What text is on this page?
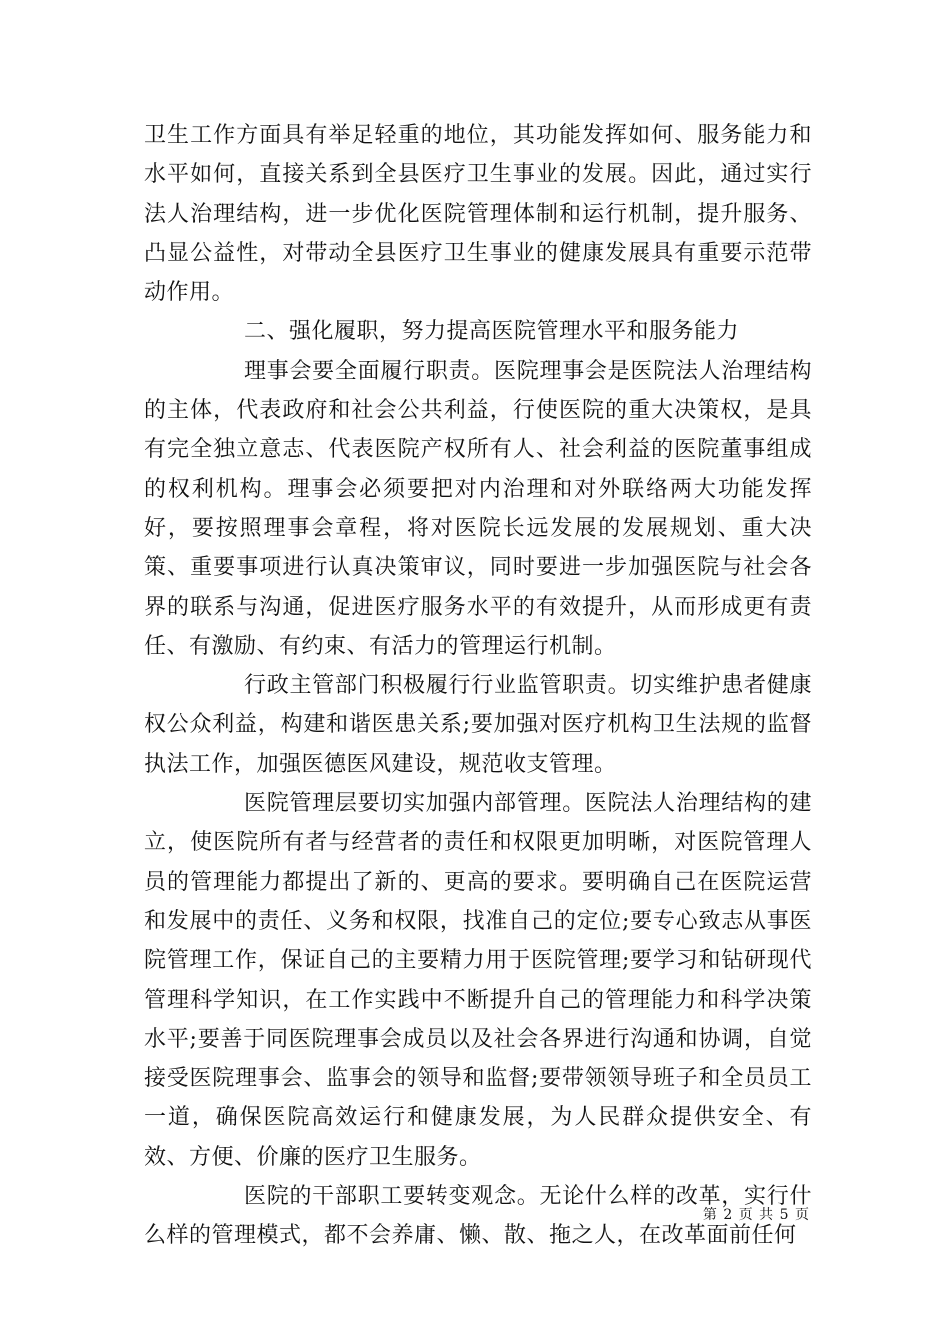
卫生工作方面具有举足轻重的地位，其功能发挥如何、服务能力和水平如何，直接关系到全县医疗卫生事业的发展。因此，通过实行法人治理结构，进一步优化医院管理体制和运行机制，提升服务、凸显公益性，对带动全县医疗卫生事业的健康发展具有重要示范带动作用。

二、强化履职，努力提高医院管理水平和服务能力

理事会要全面履行职责。医院理事会是医院法人治理结构的主体，代表政府和社会公共利益，行使医院的重大决策权，是具有完全独立意志、代表医院产权所有人、社会利益的医院董事组成的权利机构。理事会必须要把对内治理和对外联络两大功能发挥好，要按照理事会章程，将对医院长远发展的发展规划、重大决策、重要事项进行认真决策审议，同时要进一步加强医院与社会各界的联系与沟通，促进医疗服务水平的有效提升，从而形成更有责任、有激励、有约束、有活力的管理运行机制。

行政主管部门积极履行行业监管职责。切实维护患者健康权公众利益，构建和谐医患关系;要加强对医疗机构卫生法规的监督执法工作，加强医德医风建设，规范收支管理。

医院管理层要切实加强内部管理。医院法人治理结构的建立，使医院所有者与经营者的责任和权限更加明晰，对医院管理人员的管理能力都提出了新的、更高的要求。要明确自己在医院运营和发展中的责任、义务和权限，找准自己的定位;要专心致志从事医院管理工作，保证自己的主要精力用于医院管理;要学习和钻研现代管理科学知识，在工作实践中不断提升自己的管理能力和科学决策水平;要善于同医院理事会成员以及社会各界进行沟通和协调，自觉接受医院理事会、监事会的领导和监督;要带领领导班子和全员员工一道，确保医院高效运行和健康发展，为人民群众提供安全、有效、方便、价廉的医疗卫生服务。

医院的干部职工要转变观念。无论什么样的改革，实行什么样的管理模式，都不会养庸、懒、散、拖之人，在改革面前任何

第 2 页 共 5 页
